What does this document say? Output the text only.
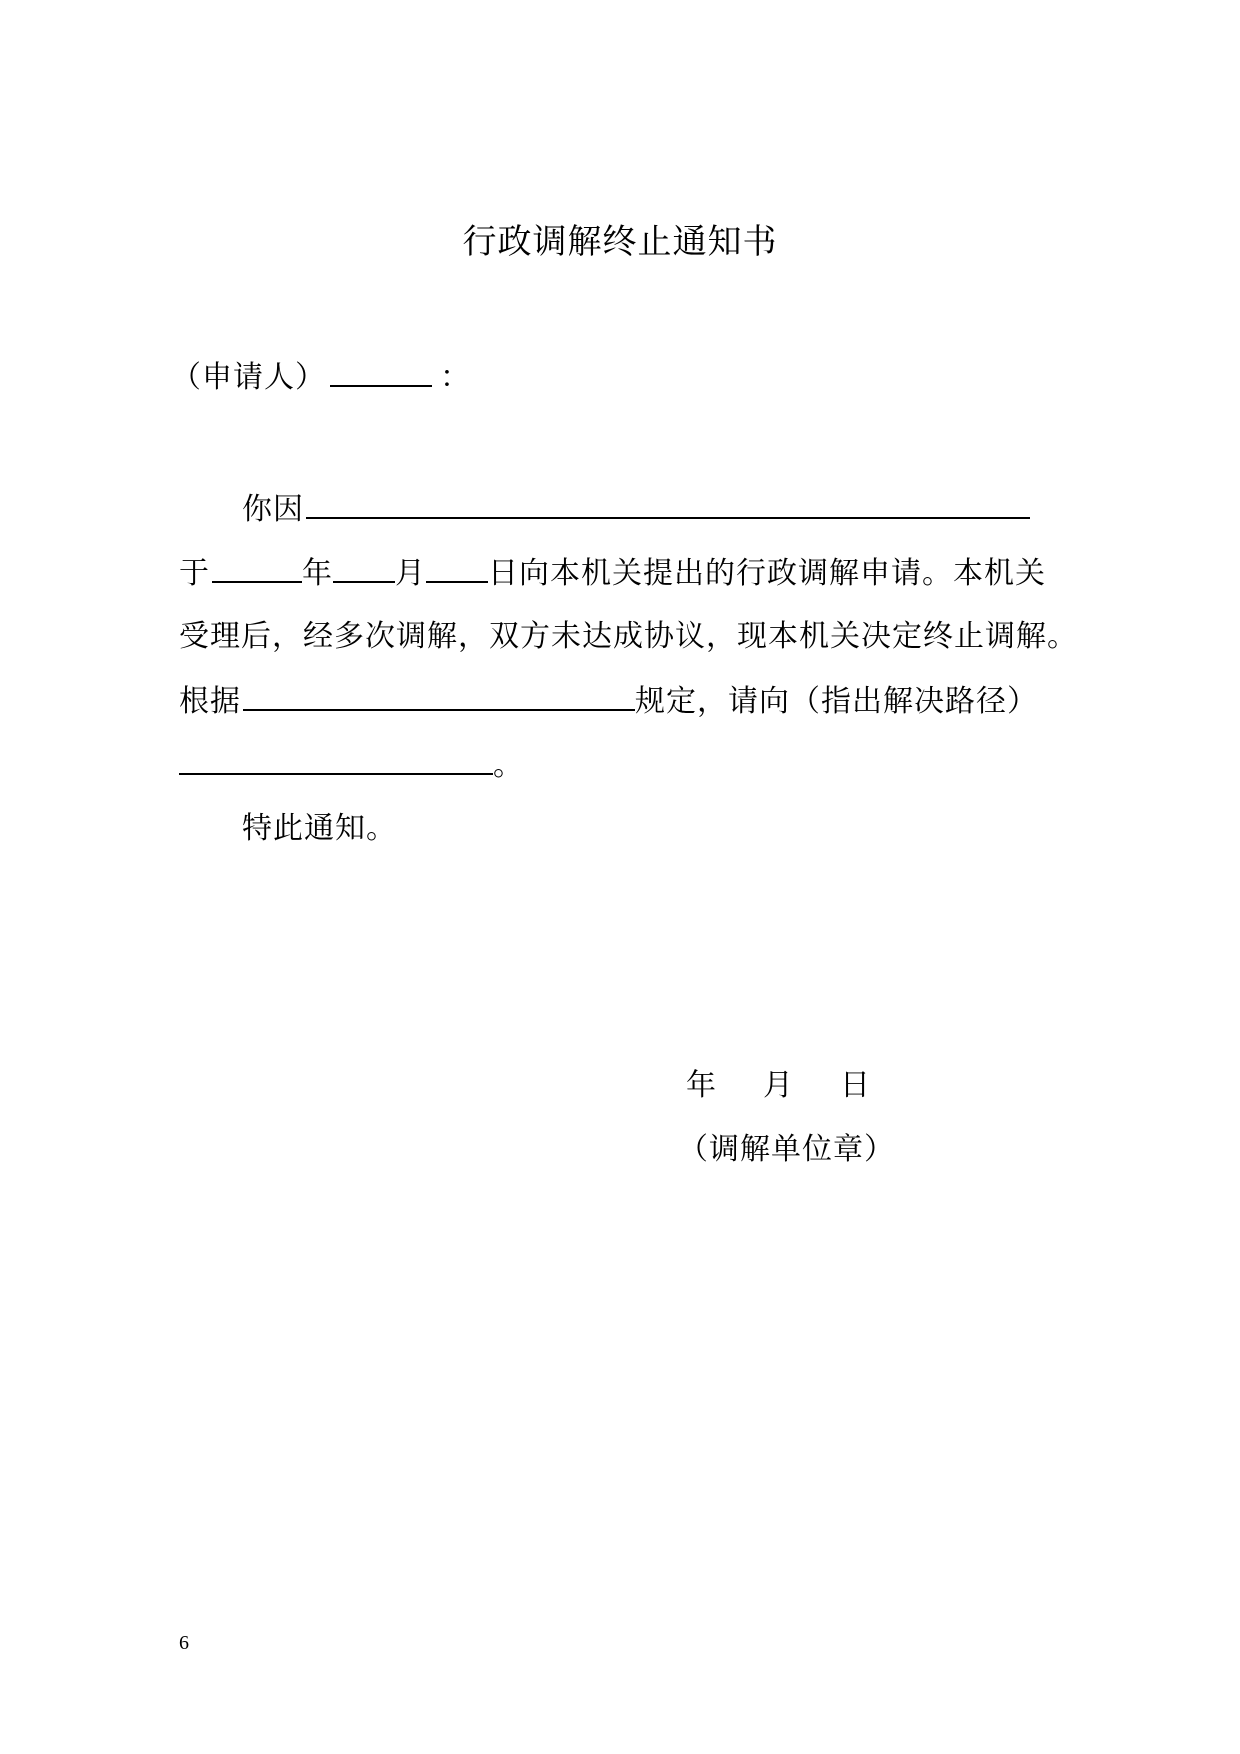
行政调解终止通知书
（申请人）	：
你因
于	年 月 日向本机关提出的行政调解申请。本机关
受理后，经多次调解，双方未达成协议，现本机关决定终止调解。
根据	规定，请向（指出解决路径）
。
特此通知。
年 月 日
（调解单位章）
6
